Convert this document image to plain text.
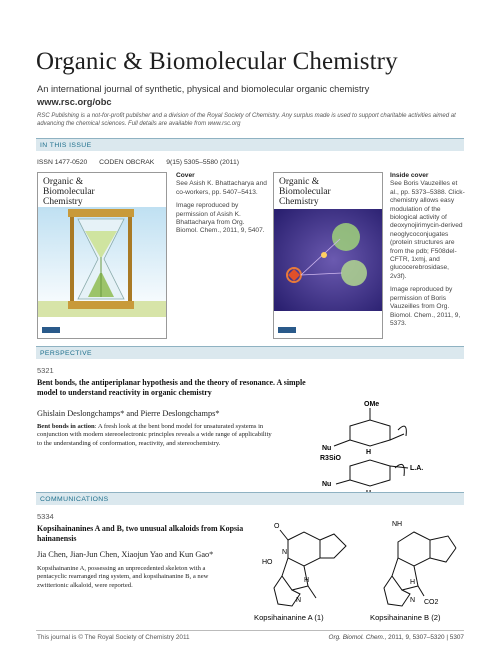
Organic & Biomolecular Chemistry
An international journal of synthetic, physical and biomolecular organic chemistry
www.rsc.org/obc
RSC Publishing is a not-for-profit publisher and a division of the Royal Society of Chemistry. Any surplus made is used to support charitable activities aimed at advancing the chemical sciences. Full details are available from www.rsc.org
IN THIS ISSUE
ISSN 1477-0520 CODEN OBCRAK 9(15) 5305–5580 (2011)
Organic & Biomolecular Chemistry
Cover

See Asish K. Bhattacharya and co-workers, pp. 5407–5413.

Image reproduced by permission of Asish K. Bhattacharya from Org. Biomol. Chem., 2011, 9, 5407.

Organic & Biomolecular Chemistry
Inside cover

See Boris Vauzeilles et al., pp. 5373–5388. Click-chemistry allows easy modulation of the biological activity of deoxynojirimycin-derived neoglycoconjugates (protein structures are from the pdb; F508del-CFTR, 1xmj, and glucocerebrosidase, 2v3f).

Image reproduced by permission of Boris Vauzeilles from Org. Biomol. Chem., 2011, 9, 5373.

PERSPECTIVE
5321
Bent bonds, the antiperiplanar hypothesis and the theory of resonance. A simple model to understand reactivity in organic chemistry
Ghislain Deslongchamps* and Pierre Deslongchamps*
Bent bonds in action: A fresh look at the bent bond model for unsaturated systems in conjunction with modern stereoelectronic principles reveals a wide range of applicability to the understanding of conformation, reactivity, and stereochemistry.
OMe
Nu
H
R3SiO
Nu
L.A.
COMMUNICATIONS
5334
Kopsihainanines A and B, two unusual alkaloids from Kopsia hainanensis
Jia Chen, Jian-Jun Chen, Xiaojun Yao and Kun Gao*
Kopsihainanine A, possessing an unprecedented skeleton with a pentacyclic rearranged ring system, and kopsihainanine B, a new zwitterionic alkaloid, were reported.
O
HO
N
H
N
NH
H
N CO2
Kopsihainanine A (1)	Kopsihainanine B (2)
This journal is © The Royal Society of Chemistry 2011	Org. Biomol. Chem., 2011, 9, 5307–5320 | 5307
